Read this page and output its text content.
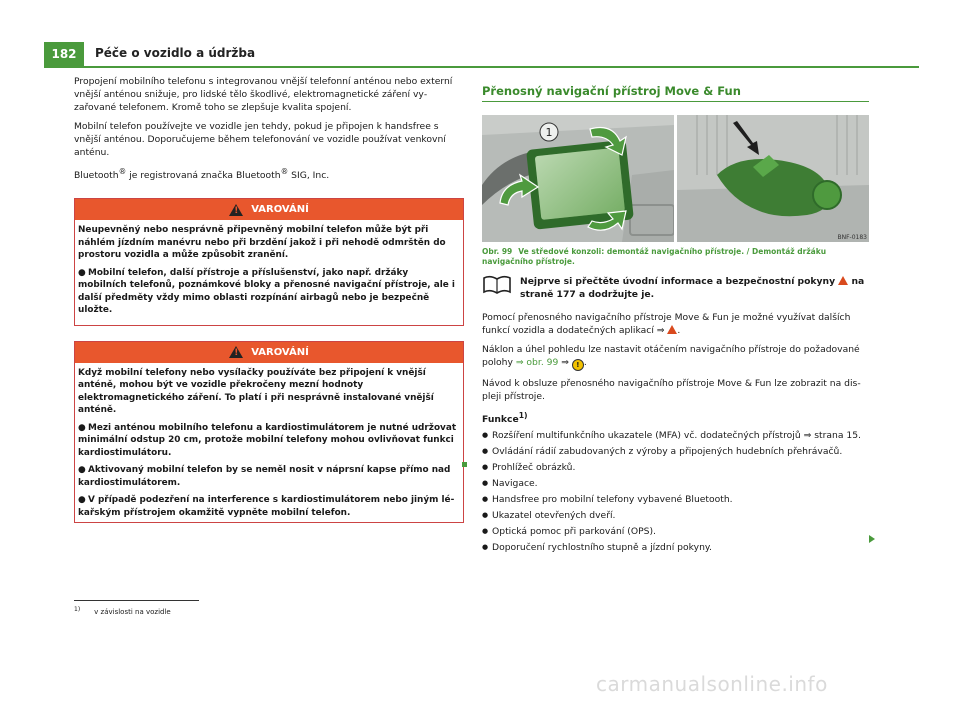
182	Péče o vozidlo a údržba

Propojení mobilního telefonu s integrovanou vnější telefonní anténou nebo externí vnější anténou snižuje, pro lidské tělo škodlivé, elektromagnetické záření vyzařované telefonem. Kromě toho se zlepšuje kvalita spojení.

Mobilní telefon používejte ve vozidle jen tehdy, pokud je připojen k handsfree s vnější anténou. Doporučujeme během telefonování ve vozidle používat venkovní anténu.

Bluetooth® je registrovaná značka Bluetooth® SIG, Inc.

!
VAROVÁNÍ

Neupevněný nebo nesprávně připevněný mobilní telefon může být při náhlém jízdním manévru nebo při brzdění jakož i při nehodě odmrštěn do prostoru vozidla a může způsobit zranění.

● Mobilní telefon, další přístroje a příslušenství, jako např. držáky mobilních telefonů, poznámkové bloky a přenosné navigační přístroje, ale i další předměty vždy mimo oblasti rozpínání airbagů nebo je bezpečně uložte.

!
VAROVÁNÍ

Když mobilní telefony nebo vysílačky používáte bez připojení k vnější anténě, mohou být ve vozidle překročeny mezní hodnoty elektromagnetického záření. To platí i při nesprávně instalované vnější anténě.

● Mezi anténou mobilního telefonu a kardiostimulátorem je nutné udržovat minimální odstup 20 cm, protože mobilní telefony mohou ovlivňovat funkci kardiostimulátoru.

● Aktivovaný mobilní telefon by se neměl nosit v náprsní kapse přímo nad kardiostimulátorem.

● V případě podezření na interference s kardiostimulátorem nebo jiným lékařským přístrojem okamžitě vypněte mobilní telefon.

Přenosný navigační přístroj Move & Fun
1
BNF-0183
Obr. 99 Ve středové konzoli: demontáž navigačního přístroje. / Demontáž držáku navigačního přístroje.
Nejprve si přečtěte úvodní informace a bezpečnostní pokyny  na straně 177 a dodržujte je.

Pomocí přenosného navigačního přístroje Move & Fun je možné využívat dalších funkcí vozidla a dodatečných aplikací ⇒ .

Náklon a úhel pohledu lze nastavit otáčením navigačního přístroje do požadované polohy ⇒ obr. 99 ⇒ ! .

Návod k obsluze přenosného navigačního přístroje Move & Fun lze zobrazit na displeji přístroje.

Funkce$^{1)}$
● Rozšíření multifunkčního ukazatele (MFA) vč. dodatečných přístrojů ⇒ strana 15.
● Ovládání rádií zabudovaných z výroby a připojených hudebních přehrávačů.
● Prohlížeč obrázků.
● Navigace.
● Handsfree pro mobilní telefony vybavené Bluetooth.
● Ukazatel otevřených dveří.
● Optická pomoc při parkování (OPS).
● Doporučení rychlostního stupně a jízdní pokyny.
$^{1)}$ v závislosti na vozidle
carmanualsonline.info
